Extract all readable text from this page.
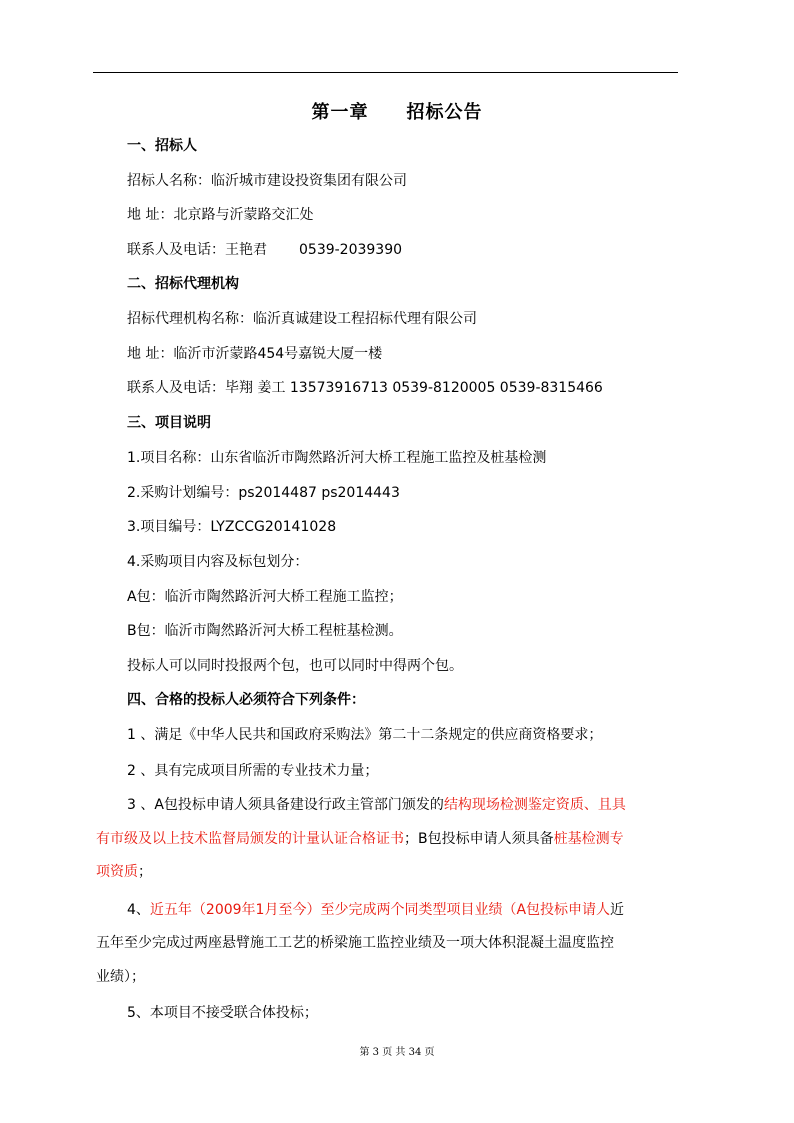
第一章 招标公告
一、招标人
招标人名称：临沂城市建设投资集团有限公司
地 址：北京路与沂蒙路交汇处
联系人及电话：王艳君 0539-2039390
二、招标代理机构
招标代理机构名称：临沂真诚建设工程招标代理有限公司
地 址：临沂市沂蒙路454号嘉锐大厦一楼
联系人及电话：毕翔 姜工 13573916713 0539-8120005 0539-8315466
三、项目说明
1.项目名称：山东省临沂市陶然路沂河大桥工程施工监控及桩基检测
2.采购计划编号：ps2014487 ps2014443
3.项目编号：LYZCCG20141028
4.采购项目内容及标包划分：
A包：临沂市陶然路沂河大桥工程施工监控；
B包：临沂市陶然路沂河大桥工程桩基检测。
投标人可以同时投报两个包，也可以同时中得两个包。
四、合格的投标人必须符合下列条件：
1 、满足《中华人民共和国政府采购法》第二十二条规定的供应商资格要求；
2 、具有完成项目所需的专业技术力量；
3 、A包投标申请人须具备建设行政主管部门颁发的结构现场检测鉴定资质、且具
有市级及以上技术监督局颁发的计量认证合格证书；B包投标申请人须具备桩基检测专
项资质；
4、近五年（2009年1月至今）至少完成两个同类型项目业绩（A包投标申请人近
五年至少完成过两座悬臂施工工艺的桥梁施工监控业绩及一项大体积混凝土温度监控
业绩）；
5、本项目不接受联合体投标；
第 3 页 共 34 页
